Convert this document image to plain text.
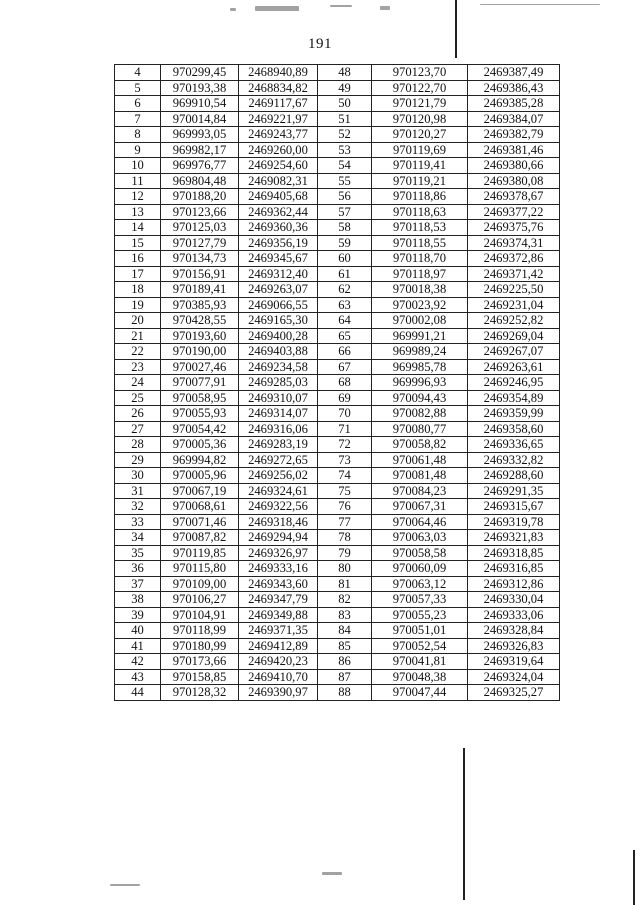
191
4	970299,45	2468940,89	48	970123,70	2469387,49
5	970193,38	2468834,82	49	970122,70	2469386,43
6	969910,54	2469117,67	50	970121,79	2469385,28
7	970014,84	2469221,97	51	970120,98	2469384,07
8	969993,05	2469243,77	52	970120,27	2469382,79
9	969982,17	2469260,00	53	970119,69	2469381,46
10	969976,77	2469254,60	54	970119,41	2469380,66
11	969804,48	2469082,31	55	970119,21	2469380,08
12	970188,20	2469405,68	56	970118,86	2469378,67
13	970123,66	2469362,44	57	970118,63	2469377,22
14	970125,03	2469360,36	58	970118,53	2469375,76
15	970127,79	2469356,19	59	970118,55	2469374,31
16	970134,73	2469345,67	60	970118,70	2469372,86
17	970156,91	2469312,40	61	970118,97	2469371,42
18	970189,41	2469263,07	62	970018,38	2469225,50
19	970385,93	2469066,55	63	970023,92	2469231,04
20	970428,55	2469165,30	64	970002,08	2469252,82
21	970193,60	2469400,28	65	969991,21	2469269,04
22	970190,00	2469403,88	66	969989,24	2469267,07
23	970027,46	2469234,58	67	969985,78	2469263,61
24	970077,91	2469285,03	68	969996,93	2469246,95
25	970058,95	2469310,07	69	970094,43	2469354,89
26	970055,93	2469314,07	70	970082,88	2469359,99
27	970054,42	2469316,06	71	970080,77	2469358,60
28	970005,36	2469283,19	72	970058,82	2469336,65
29	969994,82	2469272,65	73	970061,48	2469332,82
30	970005,96	2469256,02	74	970081,48	2469288,60
31	970067,19	2469324,61	75	970084,23	2469291,35
32	970068,61	2469322,56	76	970067,31	2469315,67
33	970071,46	2469318,46	77	970064,46	2469319,78
34	970087,82	2469294,94	78	970063,03	2469321,83
35	970119,85	2469326,97	79	970058,58	2469318,85
36	970115,80	2469333,16	80	970060,09	2469316,85
37	970109,00	2469343,60	81	970063,12	2469312,86
38	970106,27	2469347,79	82	970057,33	2469330,04
39	970104,91	2469349,88	83	970055,23	2469333,06
40	970118,99	2469371,35	84	970051,01	2469328,84
41	970180,99	2469412,89	85	970052,54	2469326,83
42	970173,66	2469420,23	86	970041,81	2469319,64
43	970158,85	2469410,70	87	970048,38	2469324,04
44	970128,32	2469390,97	88	970047,44	2469325,27
